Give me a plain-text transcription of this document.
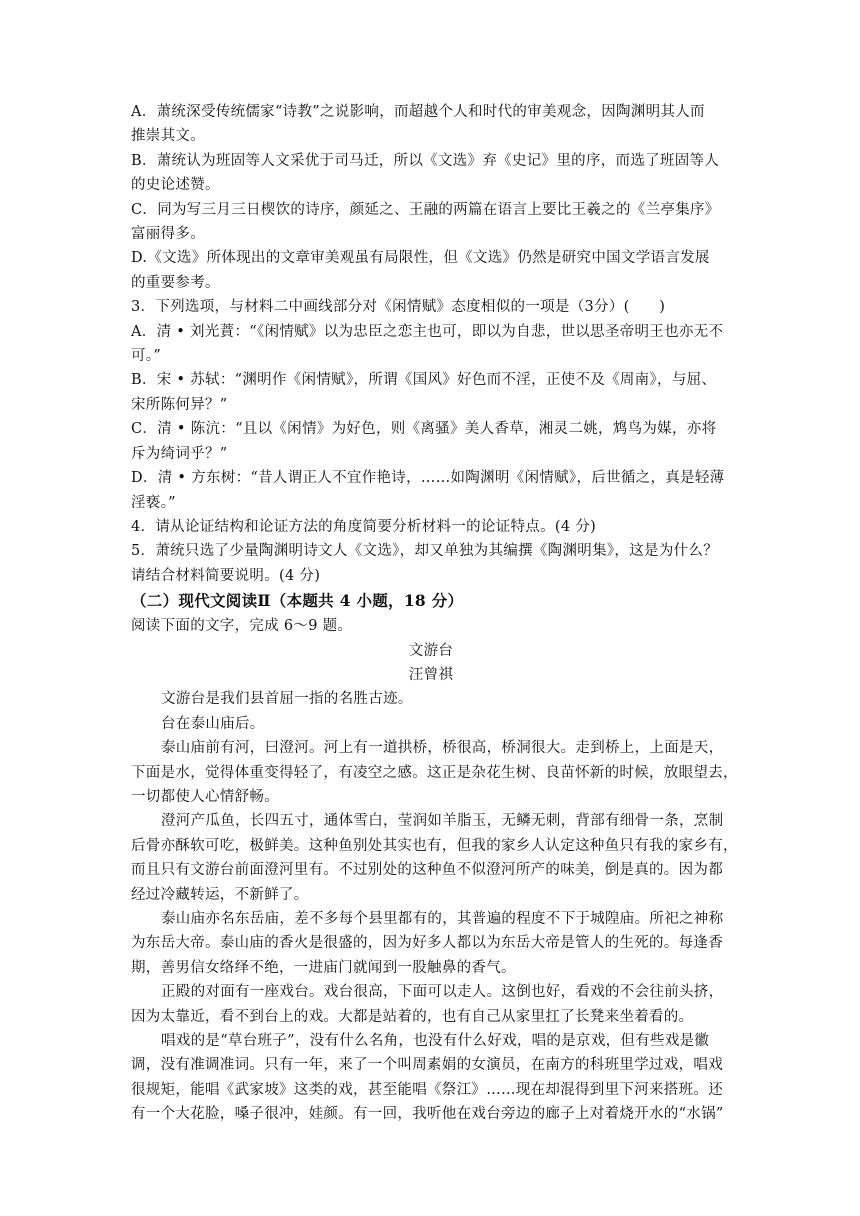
A．萧统深受传统儒家“诗教”之说影响，而超越个人和时代的审美观念，因陶渊明其人而
推崇其文。
B．萧统认为班固等人文采优于司马迁，所以《文选》弃《史记》里的序，而选了班固等人
的史论述赞。
C．同为写三月三日楔饮的诗序，颜延之、王融的两篇在语言上要比王羲之的《兰亭集序》
富丽得多。
D.《文选》所体现出的文章审美观虽有局限性，但《文选》仍然是研究中国文学语言发展
的重要参考。
3．下列选项，与材料二中画线部分对《闲情赋》态度相似的一项是（3分）(　　)
A．清 • 刘光蕡：“《闲情赋》以为忠臣之恋主也可，即以为自悲，世以思圣帝明王也亦无不
可。”
B．宋 • 苏轼：“渊明作《闲情赋》，所谓《国风》好色而不淫，正使不及《周南》，与屈、
宋所陈何异？”
C．清 • 陈沆：“且以《闲情》为好色，则《离骚》美人香草，湘灵二姚，鸩鸟为媒，亦将
斥为绮词乎？”
D．清 • 方东树：“昔人谓正人不宜作艳诗，……如陶渊明《闲情赋》，后世循之，真是轻薄
淫亵。”
4．请从论证结构和论证方法的角度简要分析材料一的论证特点。(4 分)
5．萧统只选了少量陶渊明诗文人《文选》，却又单独为其编撰《陶渊明集》，这是为什么？
请结合材料简要说明。(4 分)
（二）现代文阅读Ⅱ（本题共 4 小题，18 分）
阅读下面的文字，完成 6～9 题。
文游台
汪曾祺
文游台是我们县首屈一指的名胜古迹。
台在泰山庙后。
泰山庙前有河，曰澄河。河上有一道拱桥，桥很高，桥洞很大。走到桥上，上面是天，
下面是水，觉得体重变得轻了，有凌空之感。这正是杂花生树、良苗怀新的时候，放眼望去，
一切都使人心情舒畅。
澄河产瓜鱼，长四五寸，通体雪白，莹润如羊脂玉，无鳞无刺，背部有细骨一条，烹制
后骨亦酥软可吃，极鲜美。这种鱼别处其实也有，但我的家乡人认定这种鱼只有我的家乡有，
而且只有文游台前面澄河里有。不过别处的这种鱼不似澄河所产的味美，倒是真的。因为都
经过冷藏转运，不新鲜了。
泰山庙亦名东岳庙，差不多每个县里都有的，其普遍的程度不下于城隍庙。所祀之神称
为东岳大帝。泰山庙的香火是很盛的，因为好多人都以为东岳大帝是管人的生死的。每逢香
期，善男信女络绎不绝，一进庙门就闻到一股触鼻的香气。
正殿的对面有一座戏台。戏台很高，下面可以走人。这倒也好，看戏的不会往前头挤，
因为太靠近，看不到台上的戏。大都是站着的，也有自己从家里扛了长凳来坐着看的。
唱戏的是“草台班子”，没有什么名角，也没有什么好戏，唱的是京戏，但有些戏是徽
调，没有准调准词。只有一年，来了一个叫周素娟的女演员，在南方的科班里学过戏，唱戏
很规矩，能唱《武家坡》这类的戏，甚至能唱《祭江》……现在却混得到里下河来搭班。还
有一个大花脸，嗓子很冲，娃颜。有一回，我听他在戏台旁边的廊子上对着烧开水的“水锅”
